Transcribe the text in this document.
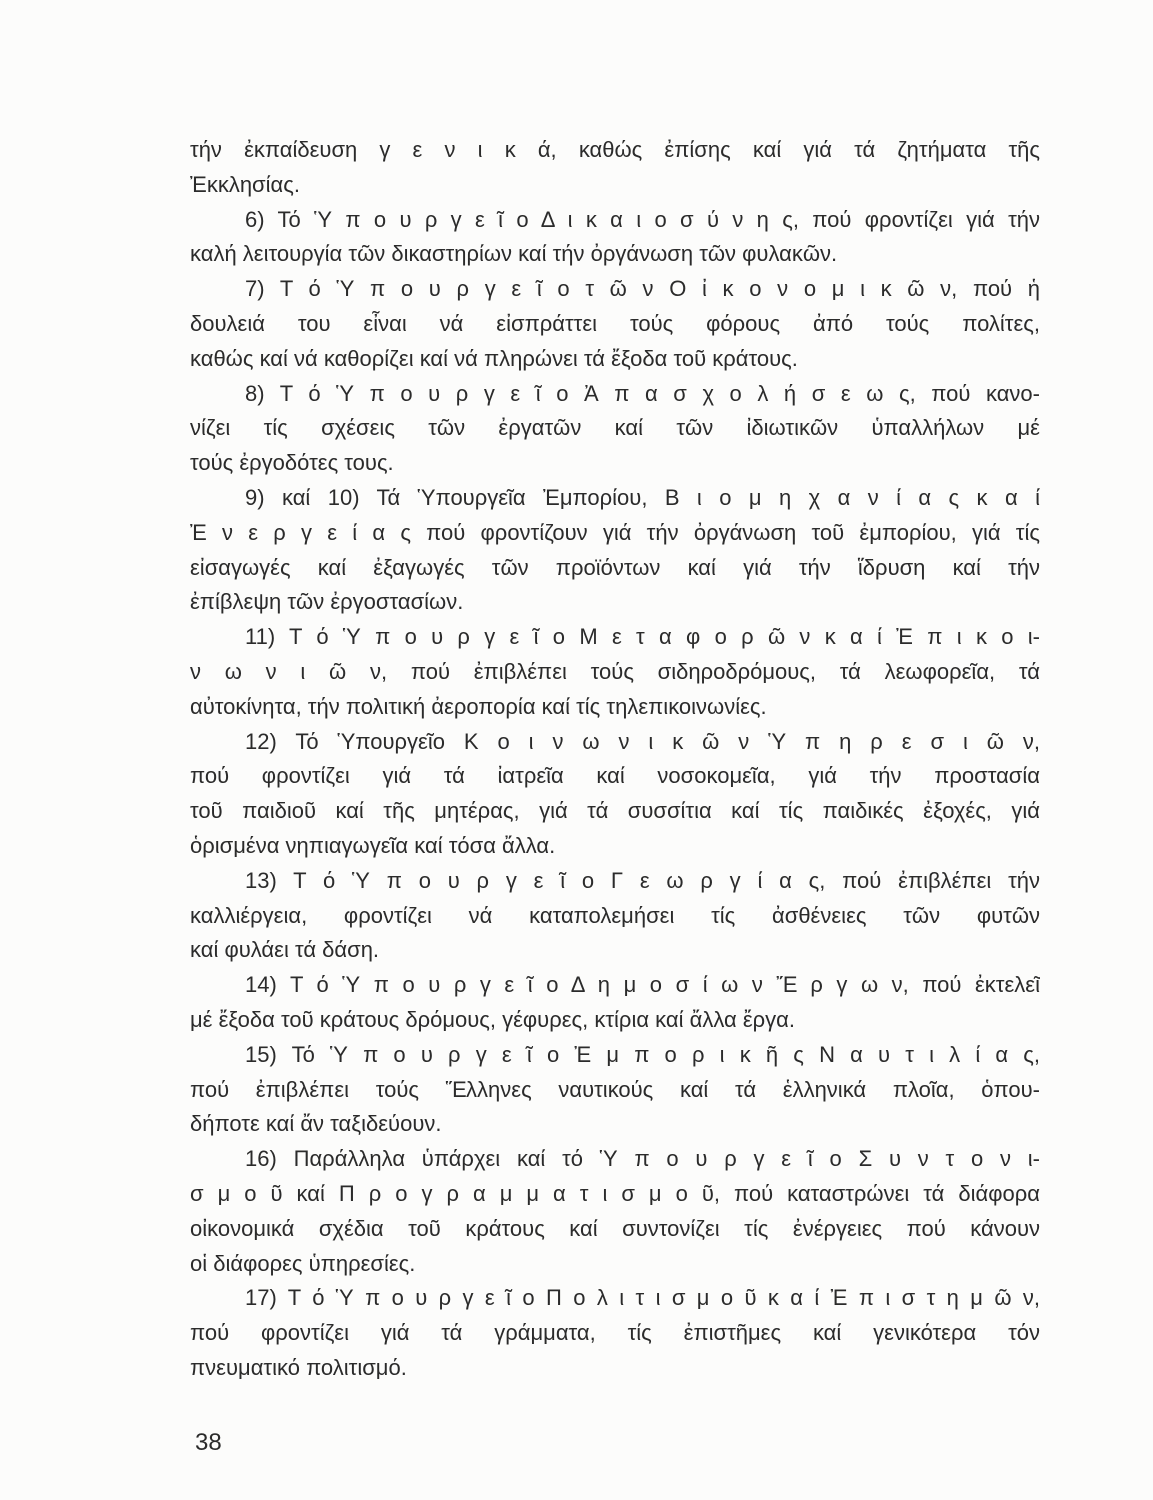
τήν ἐκπαίδευση γ ε ν ι κ ά, καθώς ἐπίσης καί γιά τά ζητήματα τῆς
Ἐκκλησίας.
6) Τό Ὑ π ο υ ρ γ ε ῖ ο Δ ι κ α ι ο σ ύ ν η ς, πού φροντίζει γιά τήν
καλή λειτουργία τῶν δικαστηρίων καί τήν ὀργάνωση τῶν φυλακῶν.
7) Τ ό Ὑ π ο υ ρ γ ε ῖ ο τ ῶ ν Ο ἰ κ ο ν ο μ ι κ ῶ ν, πού ἡ
δουλειά του εἶναι νά εἰσπράττει τούς φόρους ἀπό τούς πολίτες,
καθώς καί νά καθορίζει καί νά πληρώνει τά ἔξοδα τοῦ κράτους.
8) Τ ό Ὑ π ο υ ρ γ ε ῖ ο Ἀ π α σ χ ο λ ή σ ε ω ς, πού κανο-
νίζει τίς σχέσεις τῶν ἐργατῶν καί τῶν ἰδιωτικῶν ὑπαλλήλων μέ
τούς ἐργοδότες τους.
9) καί 10) Τά Ὑπουργεῖα Ἐμπορίου, Β ι ο μ η χ α ν ί α ς κ α ί
Ἐ ν ε ρ γ ε ί α ς πού φροντίζουν γιά τήν ὀργάνωση τοῦ ἐμπορίου, γιά τίς
εἰσαγωγές καί ἐξαγωγές τῶν προϊόντων καί γιά τήν ἵδρυση καί τήν
ἐπίβλεψη τῶν ἐργοστασίων.
11) Τ ό Ὑ π ο υ ρ γ ε ῖ ο Μ ε τ α φ ο ρ ῶ ν κ α ί Ἐ π ι κ ο ι-
ν ω ν ι ῶ ν, πού ἐπιβλέπει τούς σιδηροδρόμους, τά λεωφορεῖα, τά
αὐτοκίνητα, τήν πολιτική ἀεροπορία καί τίς τηλεπικοινωνίες.
12) Τό Ὑπουργεῖο Κ ο ι ν ω ν ι κ ῶ ν Ὑ π η ρ ε σ ι ῶ ν,
πού φροντίζει γιά τά ἰατρεῖα καί νοσοκομεῖα, γιά τήν προστασία
τοῦ παιδιοῦ καί τῆς μητέρας, γιά τά συσσίτια καί τίς παιδικές ἐξοχές, γιά
ὁρισμένα νηπιαγωγεῖα καί τόσα ἄλλα.
13) Τ ό Ὑ π ο υ ρ γ ε ῖ ο Γ ε ω ρ γ ί α ς, πού ἐπιβλέπει τήν
καλλιέργεια, φροντίζει νά καταπολεμήσει τίς ἀσθένειες τῶν φυτῶν
καί φυλάει τά δάση.
14) Τ ό Ὑ π ο υ ρ γ ε ῖ ο Δ η μ ο σ ί ω ν Ἔ ρ γ ω ν, πού ἐκτελεῖ
μέ ἔξοδα τοῦ κράτους δρόμους, γέφυρες, κτίρια καί ἄλλα ἔργα.
15) Τό Ὑ π ο υ ρ γ ε ῖ ο Ἐ μ π ο ρ ι κ ῆ ς Ν α υ τ ι λ ί α ς,
πού ἐπιβλέπει τούς Ἕλληνες ναυτικούς καί τά ἑλληνικά πλοῖα, ὁπου-
δήποτε καί ἄν ταξιδεύουν.
16) Παράλληλα ὑπάρχει καί τό Ὑ π ο υ ρ γ ε ῖ ο Σ υ ν τ ο ν ι-
σ μ ο ῦ καί Π ρ ο γ ρ α μ μ α τ ι σ μ ο ῦ, πού καταστρώνει τά διάφορα
οἰκονομικά σχέδια τοῦ κράτους καί συντονίζει τίς ἐνέργειες πού κάνουν
οἱ διάφορες ὑπηρεσίες.
17) Τ ό Ὑ π ο υ ρ γ ε ῖ ο Π ο λ ι τ ι σ μ ο ῦ κ α ί Ἐ π ι σ τ η μ ῶ ν,
πού φροντίζει γιά τά γράμματα, τίς ἐπιστῆμες καί γενικότερα τόν
πνευματικό πολιτισμό.
38
